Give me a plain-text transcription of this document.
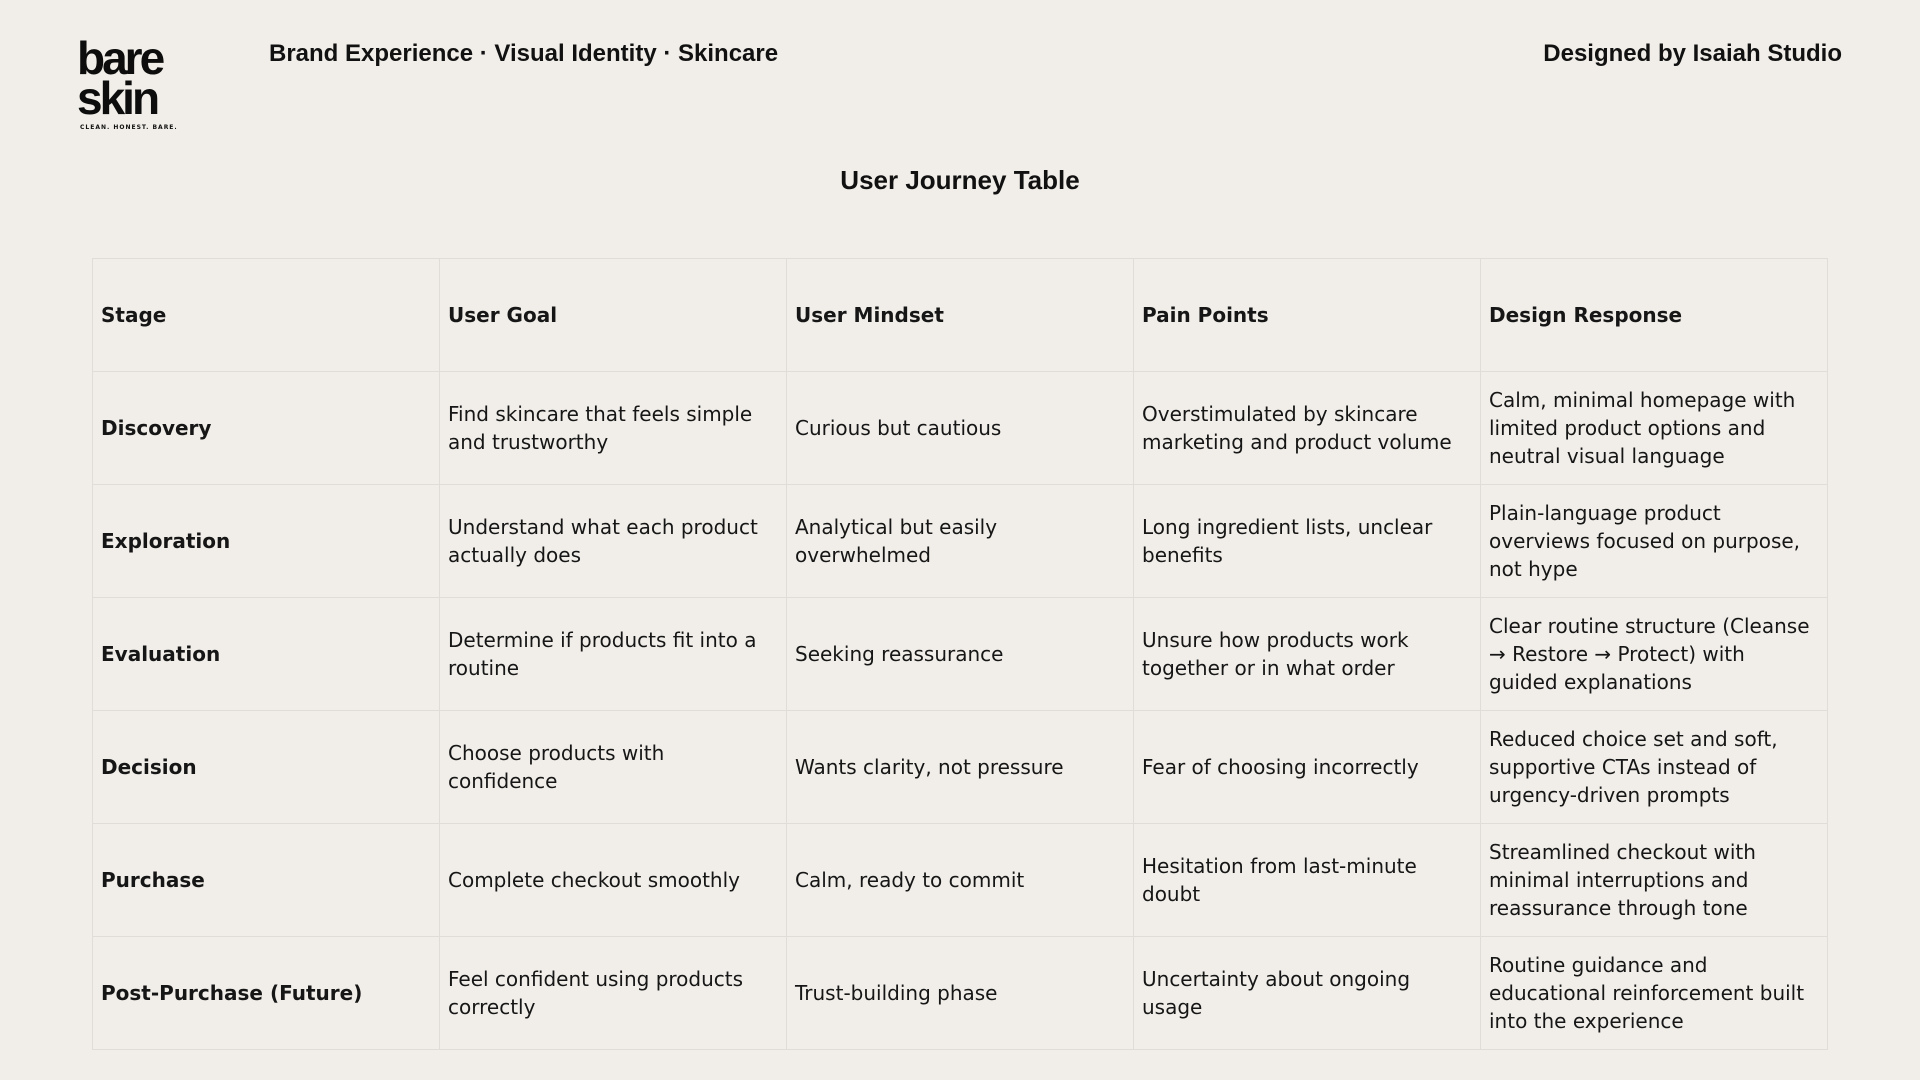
bare
skin
CLEAN. HONEST. BARE.
Brand Experience · Visual Identity · Skincare	Designed by Isaiah Studio
User Journey Table
Stage	User Goal	User Mindset	Pain Points	Design Response
Discovery	Find skincare that feels simple and trustworthy	Curious but cautious	Overstimulated by skincare marketing and product volume	Calm, minimal homepage with limited product options and neutral visual language
Exploration	Understand what each product actually does	Analytical but easily overwhelmed	Long ingredient lists, unclear benefits	Plain-language product overviews focused on purpose, not hype
Evaluation	Determine if products fit into a routine	Seeking reassurance	Unsure how products work together or in what order	Clear routine structure (Cleanse → Restore → Protect) with guided explanations
Decision	Choose products with confidence	Wants clarity, not pressure	Fear of choosing incorrectly	Reduced choice set and soft, supportive CTAs instead of urgency-driven prompts
Purchase	Complete checkout smoothly	Calm, ready to commit	Hesitation from last-minute doubt	Streamlined checkout with minimal interruptions and reassurance through tone
Post-Purchase (Future)	Feel confident using products correctly	Trust-building phase	Uncertainty about ongoing usage	Routine guidance and educational reinforcement built into the experience
